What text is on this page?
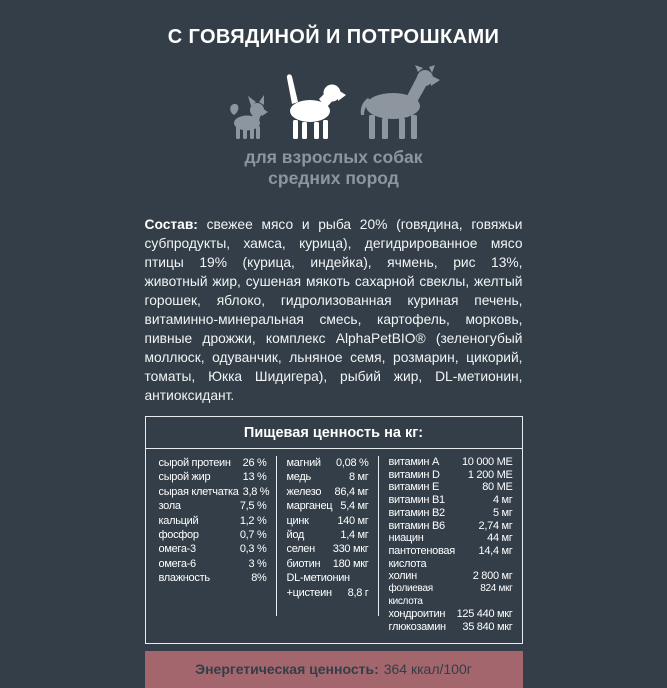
С ГОВЯДИНОЙ И ПОТРОШКАМИ
для взрослых собак
средних пород

Состав: свежее мясо и рыба 20% (говядина, говяжьи субпродукты, хамса, курица), дегидрированное мясо птицы 19% (курица, индейка), ячмень, рис 13%, животный жир, сушеная мякоть сахарной свеклы, желтый горошек, яблоко, гидролизованная куриная печень, витаминно-минеральная смесь, картофель, морковь, пивные дрожжи, комплекс AlphaPetBIO® (зеленогубый моллюск, одуванчик, льняное семя, розмарин, цикорий, томаты, Юкка Шидигера), рыбий жир, DL-метионин, антиоксидант.

Пищевая ценность на кг:
сырой протеин	26 %
сырой жир	13 %
сырая клетчатка 3,8 %
зола	7,5 %
кальций	1,2 %
фосфор	0,7 %
омега-3	0,3 %
омега-6	3 %
влажность	8%
магний	0,08 %
медь	8 мг
железо	86,4 мг
марганец 5,4 мг
цинк	140 мг
йод	1,4 мг
селен	330 мкг
биотин	180 мкг
DL-метионин
+цистеин	8,8 г
витамин A	10 000 МЕ
витамин D	1 200 МЕ
витамин E	80 МЕ
витамин B1	4 мг
витамин B2	5 мг
витамин B6	2,74 мг
ниацин	44 мг
пантотеновая	14,4 мг
кислота
холин	2 800 мг
фолиевая	824 мкг
кислота
хондроитин	125 440 мкг
глюкозамин	35 840 мкг
Энергетическая ценность: 364 ккал/100г
